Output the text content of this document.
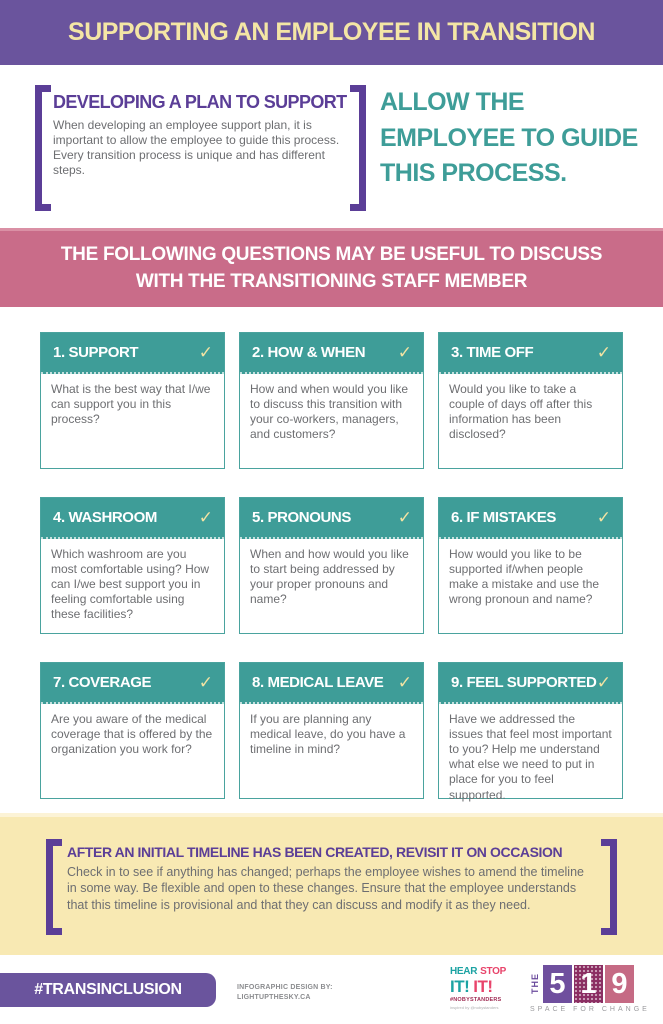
SUPPORTING AN EMPLOYEE IN TRANSITION
DEVELOPING A PLAN TO SUPPORT

When developing an employee support plan, it is important to allow the employee to guide this process. Every transition process is unique and has different steps.

ALLOW THE
EMPLOYEE TO GUIDE
THIS PROCESS.
THE FOLLOWING QUESTIONS MAY BE USEFUL TO DISCUSS
WITH THE TRANSITIONING STAFF MEMBER
1. SUPPORT	✓
What is the best way that I/we can support you in this process?
2. HOW & WHEN ✓
How and when would you like to discuss this transition with your co-workers, managers, and customers?
3. TIME OFF	✓
Would you like to take a couple of days off after this information has been disclosed?
4. WASHROOM ✓
Which washroom are you most comfortable using? How can I/we best support you in feeling comfortable using these facilities?
5. PRONOUNS	✓
When and how would you like to start being addressed by your proper pronouns and name?
6. IF MISTAKES ✓
How would you like to be supported if/when people make a mistake and use the wrong pronoun and name?
7. COVERAGE	✓
Are you aware of the medical coverage that is offered by the organization you work for?
8. MEDICAL LEAVE ✓
If you are planning any medical leave, do you have a timeline in mind?
9. FEEL SUPPORTED ✓
Have we addressed the issues that feel most important to you? Help me understand what else we need to put in place for you to feel supported.
AFTER AN INITIAL TIMELINE HAS BEEN CREATED, REVISIT IT ON OCCASION

Check in to see if anything has changed; perhaps the employee wishes to amend the timeline in some way. Be flexible and open to these changes. Ensure that the employee understands that this timeline is provisional and that they can discuss and modify it as they need.

#TRANSINCLUSION	INFOGRAPHIC DESIGN BY:
LIGHTUPTHESKY.CA
HEAR STOP
IT! IT!
#NOBYSTANDERS
inspired by @nobystanders
THE 5 1 9
SPACE FOR CHANGE
